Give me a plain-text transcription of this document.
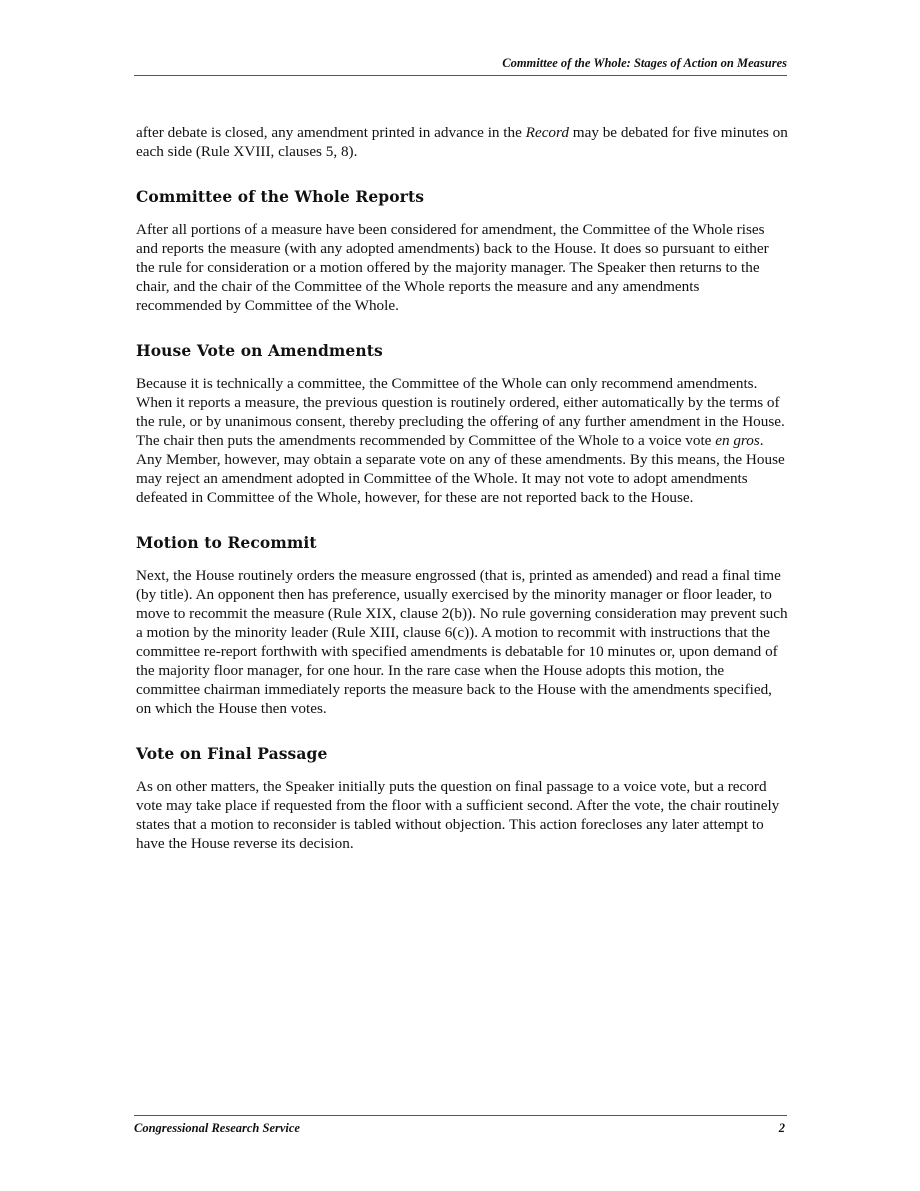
Committee of the Whole: Stages of Action on Measures

after debate is closed, any amendment printed in advance in the Record may be debated for five minutes on each side (Rule XVIII, clauses 5, 8).

Committee of the Whole Reports

After all portions of a measure have been considered for amendment, the Committee of the Whole rises and reports the measure (with any adopted amendments) back to the House. It does so pursuant to either the rule for consideration or a motion offered by the majority manager. The Speaker then returns to the chair, and the chair of the Committee of the Whole reports the measure and any amendments recommended by Committee of the Whole.

House Vote on Amendments

Because it is technically a committee, the Committee of the Whole can only recommend amendments. When it reports a measure, the previous question is routinely ordered, either automatically by the terms of the rule, or by unanimous consent, thereby precluding the offering of any further amendment in the House. The chair then puts the amendments recommended by Committee of the Whole to a voice vote en gros. Any Member, however, may obtain a separate vote on any of these amendments. By this means, the House may reject an amendment adopted in Committee of the Whole. It may not vote to adopt amendments defeated in Committee of the Whole, however, for these are not reported back to the House.

Motion to Recommit

Next, the House routinely orders the measure engrossed (that is, printed as amended) and read a final time (by title). An opponent then has preference, usually exercised by the minority manager or floor leader, to move to recommit the measure (Rule XIX, clause 2(b)). No rule governing consideration may prevent such a motion by the minority leader (Rule XIII, clause 6(c)). A motion to recommit with instructions that the committee re-report forthwith with specified amendments is debatable for 10 minutes or, upon demand of the majority floor manager, for one hour. In the rare case when the House adopts this motion, the committee chairman immediately reports the measure back to the House with the amendments specified, on which the House then votes.

Vote on Final Passage

As on other matters, the Speaker initially puts the question on final passage to a voice vote, but a record vote may take place if requested from the floor with a sufficient second. After the vote, the chair routinely states that a motion to reconsider is tabled without objection. This action forecloses any later attempt to have the House reverse its decision.

Congressional Research Service	2
